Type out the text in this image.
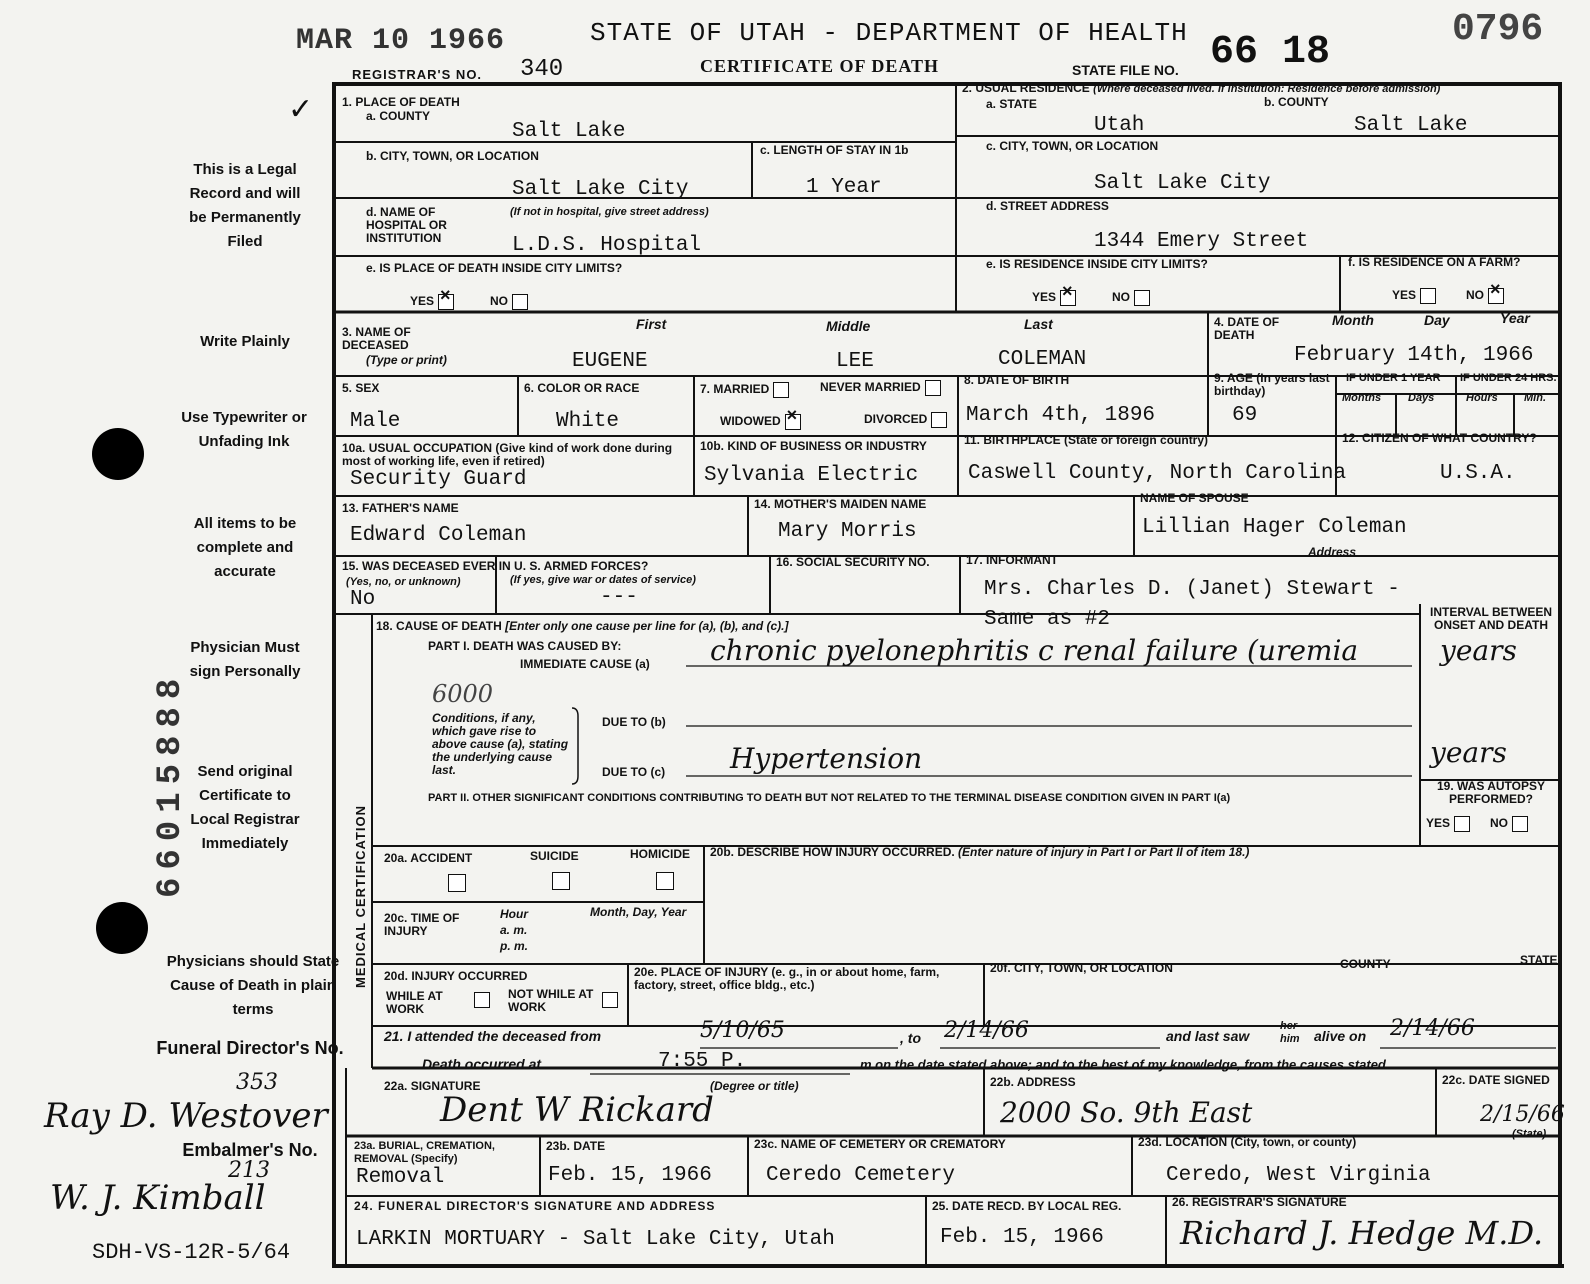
MAR 10 1966	STATE OF UTAH - DEPARTMENT OF HEALTH
CERTIFICATE OF DEATH
REGISTRAR'S NO. 340	STATE FILE NO. 66 18
0796
✓
This is a Legal Record and will be Permanently Filed
Write Plainly
Use Typewriter or Unfading Ink
All items to be complete and accurate
Physician Must sign Personally
Send original Certificate to Local Registrar Immediately
Physicians should State Cause of Death in plain terms
66015888
Funeral Director's No.
353
Ray D. Westover
Embalmer's No.
213
W. J. Kimball
SDH-VS-12R-5/64
1. PLACE OF DEATH
a. COUNTY
Salt Lake
b. CITY, TOWN, OR LOCATION
Salt Lake City
c. LENGTH OF STAY IN 1b
1 Year
d. NAME OF HOSPITAL OR INSTITUTION
(If not in hospital, give street address)
L.D.S. Hospital
e. IS PLACE OF DEATH INSIDE CITY LIMITS?
YES ×	NO
2. USUAL RESIDENCE (Where deceased lived. If institution: Residence before admission)
a. STATE	b. COUNTY
Utah	Salt Lake
c. CITY, TOWN, OR LOCATION
Salt Lake City
d. STREET ADDRESS
1344 Emery Street
e. IS RESIDENCE INSIDE CITY LIMITS?
YES ×	NO
f. IS RESIDENCE ON A FARM?
YES	NO×
3. NAME OF DECEASED
(Type or print)
First	Middle	Last
EUGENE	LEE	COLEMAN
4. DATE OF DEATH
Month	Day	Year
February 14th, 1966
5. SEX
Male
6. COLOR OR RACE
White
7. MARRIED	NEVER MARRIED
WIDOWED ×	DIVORCED
8. DATE OF BIRTH
March 4th, 1896
9. AGE (In years last birthday)
69
IF UNDER 1 YEAR IF UNDER 24 HRS.
Months Days	Hours Min.
10a. USUAL OCCUPATION (Give kind of work done during most of working life, even if retired)
Security Guard
10b. KIND OF BUSINESS OR INDUSTRY
Sylvania Electric
11. BIRTHPLACE (State or foreign country)
Caswell County, North Carolina
12. CITIZEN OF WHAT COUNTRY?
U.S.A.
13. FATHER'S NAME
Edward Coleman
14. MOTHER'S MAIDEN NAME
Mary Morris
NAME OF SPOUSE
Lillian Hager Coleman
15. WAS DECEASED EVER IN U. S. ARMED FORCES?
(Yes, no, or unknown)	(If yes, give war or dates of service)
No	---
16. SOCIAL SECURITY NO.	17. INFORMANT
Address
Mrs. Charles D. (Janet) Stewart -
Same as #2
MEDICAL CERTIFICATION
18. CAUSE OF DEATH [Enter only one cause per line for (a), (b), and (c).]
PART I. DEATH WAS CAUSED BY:
IMMEDIATE CAUSE (a) chronic pyelonephritis c renal failure (uremia
6000
Conditions, if any, which gave rise to above cause (a), stating the underlying cause last.
DUE TO (b)
DUE TO (c) Hypertension
INTERVAL BETWEEN ONSET AND DEATH
years
years
PART II. OTHER SIGNIFICANT CONDITIONS CONTRIBUTING TO DEATH BUT NOT RELATED TO THE TERMINAL DISEASE CONDITION GIVEN IN PART I(a)
19. WAS AUTOPSY PERFORMED?
YES	NO
20a. ACCIDENT	SUICIDE	HOMICIDE 20b. DESCRIBE HOW INJURY OCCURRED. (Enter nature of injury in Part I or Part II of item 18.)
20c. TIME OF INJURY
Hour
a. m.
p. m.
Month, Day, Year
20d. INJURY OCCURRED
WHILE AT WORK
NOT WHILE AT WORK
20e. PLACE OF INJURY (e. g., in or about home, farm, factory, street, office bldg., etc.)
20f. CITY, TOWN, OR LOCATION	COUNTY	STATE
21. I attended the deceased from	5/10/65	, to 2/14/66	and last saw
her him	alive on 2/14/66
Death occurred at	7:55 P.	m on the date stated above; and to the best of my knowledge, from the causes stated.
22a. SIGNATURE	(Degree or title)
Dent W Rickard
22b. ADDRESS
2000 So. 9th East
22c. DATE SIGNED
2/15/66
23a. BURIAL, CREMATION, REMOVAL (Specify)
Removal
23b. DATE
Feb. 15, 1966
23c. NAME OF CEMETERY OR CREMATORY
Ceredo Cemetery
23d. LOCATION (City, town, or county)
(State)
Ceredo, West Virginia
24. FUNERAL DIRECTOR'S SIGNATURE AND ADDRESS
LARKIN MORTUARY - Salt Lake City, Utah
25. DATE RECD. BY LOCAL REG.
Feb. 15, 1966
26. REGISTRAR'S SIGNATURE
Richard J. Hedge M.D.
